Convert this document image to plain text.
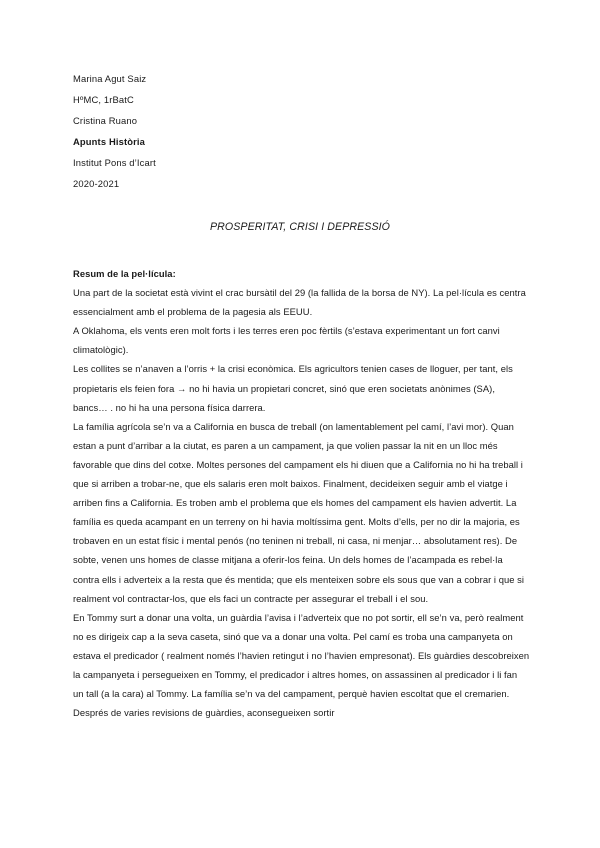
Marina Agut Saiz
HºMC, 1rBatC
Cristina Ruano
Apunts Història
Institut Pons d’Icart
2020-2021
PROSPERITAT, CRISI I DEPRESSIÓ

Resum de la pel·lícula:

Una part de la societat està vivint el crac bursàtil del 29 (la fallida de la borsa de NY). La pel·lícula es centra essencialment amb el problema de la pagesia als EEUU.

A Oklahoma, els vents eren molt forts i les terres eren poc fèrtils (s’estava experimentant un fort canvi climatològic).

Les collites se n’anaven a l’orris + la crisi econòmica. Els agricultors tenien cases de lloguer, per tant, els propietaris els feien fora → no hi havia un propietari concret, sinó que eren societats anònimes (SA), bancs… . no hi ha una persona física darrera.

La família agrícola se’n va a California en busca de treball (on lamentablement pel camí, l’avi mor). Quan estan a punt d’arribar a la ciutat, es paren a un campament, ja que volien passar la nit en un lloc més favorable que dins del cotxe. Moltes persones del campament els hi diuen que a California no hi ha treball i que si arriben a trobar-ne, que els salaris eren molt baixos. Finalment, decideixen seguir amb el viatge i arriben fins a California. Es troben amb el problema que els homes del campament els havien advertit. La família es queda acampant en un terreny on hi havia moltíssima gent. Molts d’ells, per no dir la majoria, es trobaven en un estat físic i mental penós (no teninen ni treball, ni casa, ni menjar… absolutament res). De sobte, venen uns homes de classe mitjana a oferir-los feina. Un dels homes de l’acampada es rebel·la contra ells i adverteix a la resta que és mentida; que els menteixen sobre els sous que van a cobrar i que si realment vol contractar-los, que els faci un contracte per assegurar el treball i el sou.

En Tommy surt a donar una volta, un guàrdia l’avisa i l’adverteix que no pot sortir, ell se’n va, però realment no es dirigeix cap a la seva caseta, sinó que va a donar una volta. Pel camí es troba una campanyeta on estava el predicador ( realment només l’havien retingut i no l’havien empresonat). Els guàrdies descobreixen la campanyeta i persegueixen en Tommy, el predicador i altres homes, on assassinen al predicador i li fan un tall (a la cara) al Tommy. La família se’n va del campament, perquè havien escoltat que el cremarien. Després de varies revisions de guàrdies, aconsegueixen sortir
